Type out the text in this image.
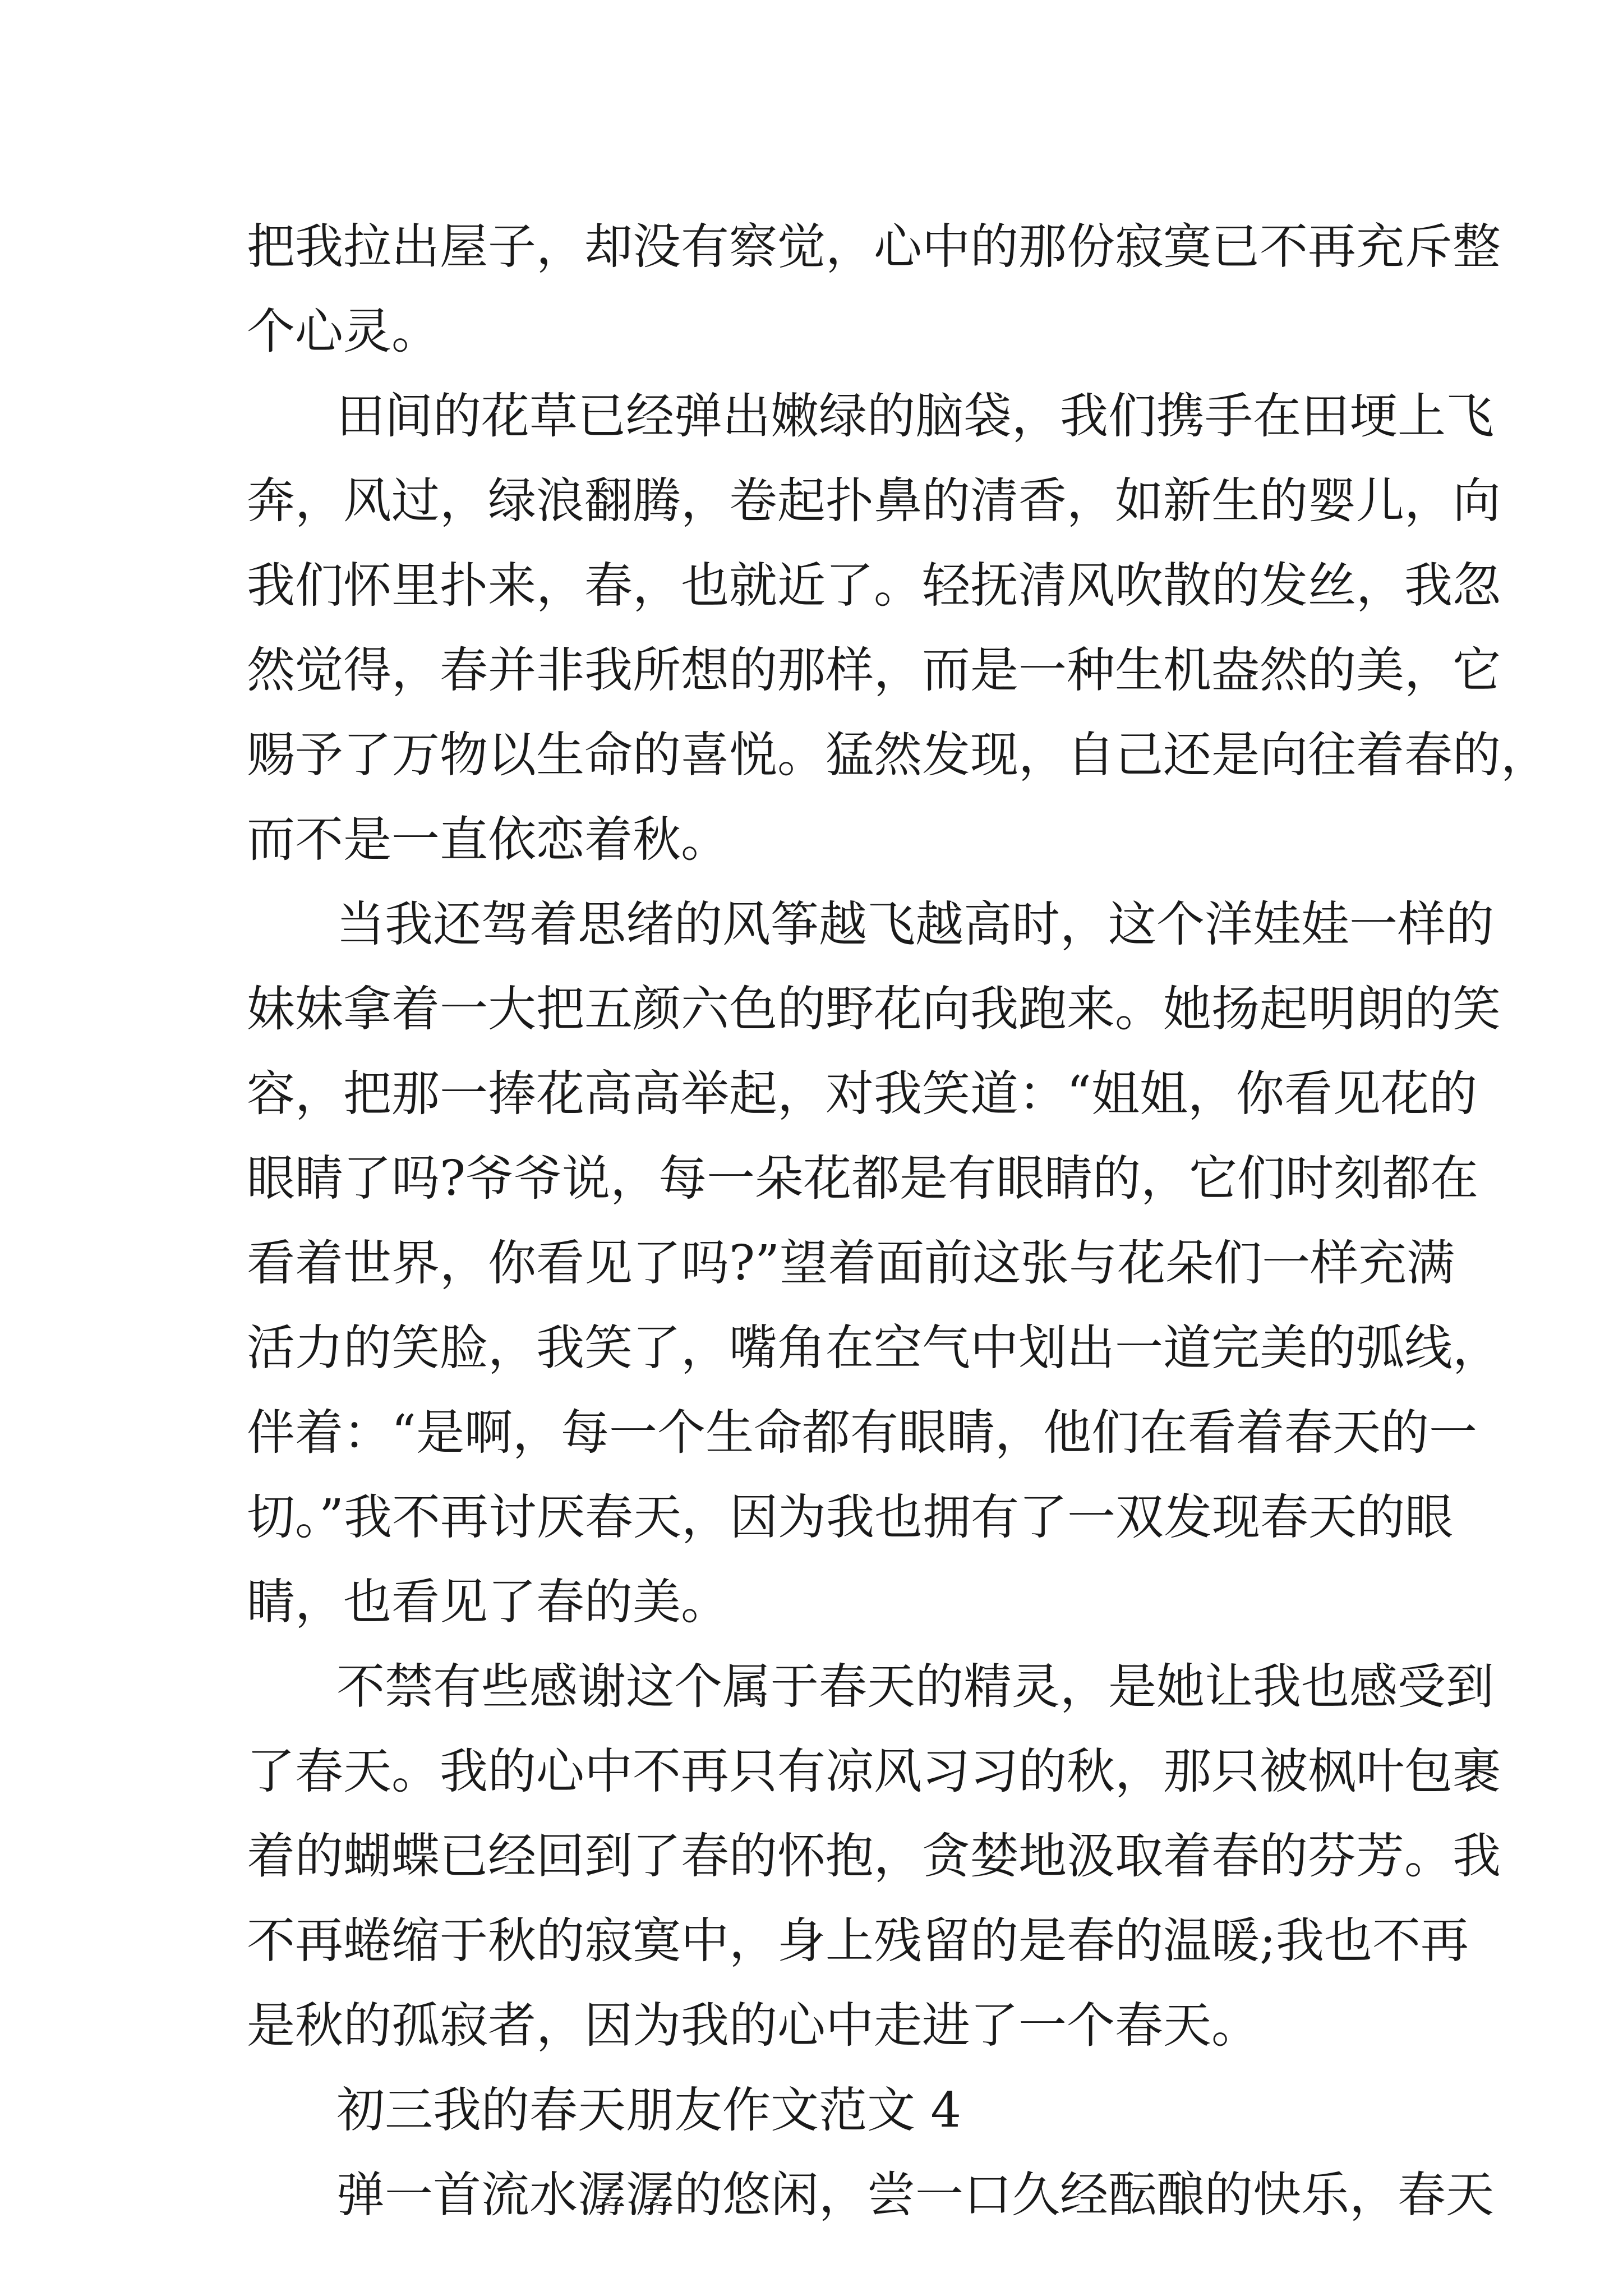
把我拉出屋子，却没有察觉，心中的那份寂寞已不再充斥整
个心灵。
田间的花草已经弹出嫩绿的脑袋，我们携手在田埂上飞
奔，风过，绿浪翻腾，卷起扑鼻的清香，如新生的婴儿，向
我们怀里扑来，春，也就近了。轻抚清风吹散的发丝，我忽
然觉得，春并非我所想的那样，而是一种生机盎然的美，它
赐予了万物以生命的喜悦。猛然发现，自己还是向往着春的，
而不是一直依恋着秋。
当我还驾着思绪的风筝越飞越高时，这个洋娃娃一样的
妹妹拿着一大把五颜六色的野花向我跑来。她扬起明朗的笑
容，把那一捧花高高举起，对我笑道：“姐姐，你看见花的
眼睛了吗?爷爷说，每一朵花都是有眼睛的，它们时刻都在
看着世界，你看见了吗?”望着面前这张与花朵们一样充满
活力的笑脸，我笑了，嘴角在空气中划出一道完美的弧线，
伴着：“是啊，每一个生命都有眼睛，他们在看着春天的一
切。”我不再讨厌春天，因为我也拥有了一双发现春天的眼
睛，也看见了春的美。
不禁有些感谢这个属于春天的精灵，是她让我也感受到
了春天。我的心中不再只有凉风习习的秋，那只被枫叶包裹
着的蝴蝶已经回到了春的怀抱，贪婪地汲取着春的芬芳。我
不再蜷缩于秋的寂寞中，身上残留的是春的温暖;我也不再
是秋的孤寂者，因为我的心中走进了一个春天。
初三我的春天朋友作文范文 4
弹一首流水潺潺的悠闲，尝一口久经酝酿的快乐，春天
